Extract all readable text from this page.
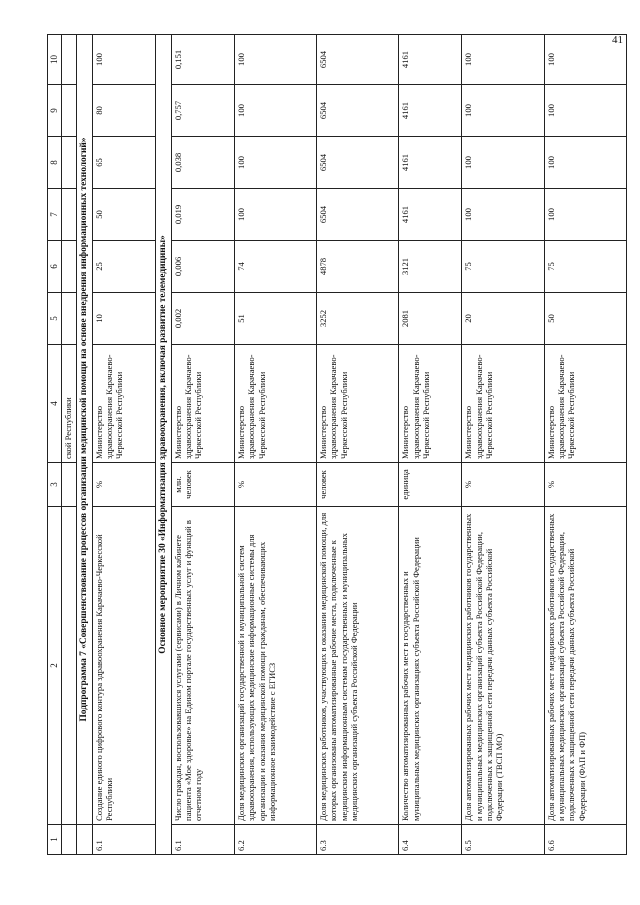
41
1	2	3	4	5	6	7	8	9	10
			ской Республики						
	Подпрограмма 7 «Совершенствование процессов организации медицинской помощи на основе внедрения информационных технологий»								
6.1	Создание единого цифрового контура здравоохранения Карачаево-Черкесской Республики	%	Министерство здравоохранения Карачаево-Черкесской Республики	10	25	50	65	80	100
Основное мероприятие 30 «Информатизация здравоохранения, включая развитие телемедицины»									
6.1	Число граждан, воспользовавшихся услугами (сервисами) в Личном кабинете пациента «Мое здоровье» на Едином портале государственных услуг и функций в отчетном году	млн. человек	Министерство здравоохранения Карачаево-Черкесской Республики	0,002	0,006	0,019	0,038	0,757	0,151
6.2	Доля медицинских организаций государственной и муниципальной систем здравоохранения, использующих медицинские информационные системы для организации и оказания медицинской помощи гражданам, обеспечивающих информационное взаимодействие с ЕГИСЗ	%	Министерство здравоохранения Карачаево-Черкесской Республики	51	74	100	100	100	100
6.3	Доля медицинских работников, участвующих в оказании медицинской помощи, для которых организованы автоматизированные рабочие места, подключенные к медицинским информационным системам государственных и муниципальных медицинских организаций субъекта Российской Федерации	человек	Министерство здравоохранения Карачаево-Черкесской Республики	3252	4878	6504	6504	6504	6504
6.4	Количество автоматизированных рабочих мест в государственных и муниципальных медицинских организациях субъекта Российской Федерации	единица	Министерство здравоохранения Карачаево-Черкесской Республики	2081	3121	4161	4161	4161	4161
6.5	Доля автоматизированных рабочих мест медицинских работников государственных и муниципальных медицинских организаций субъекта Российской Федерации, подключенных к защищенной сети передачи данных субъекта Российской Федерации (ТВСП МО)	%	Министерство здравоохранения Карачаево-Черкесской Республики	20	75	100	100	100	100
6.6	Доля автоматизированных рабочих мест медицинских работников государственных и муниципальных медицинских организаций субъекта Российской Федерации, подключенных к защищенной сети передачи данных субъекта Российской Федерации (ФАП и ФП)	%	Министерство здравоохранения Карачаево-Черкесской Республики	50	75	100	100	100	100
